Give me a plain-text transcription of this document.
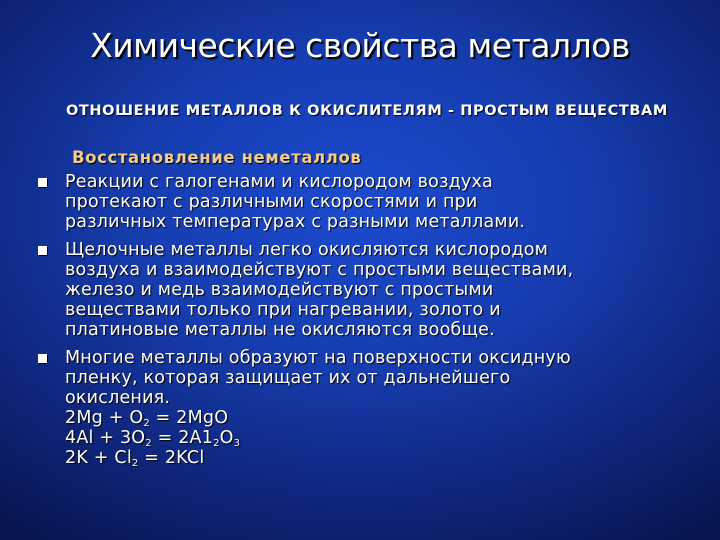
Химические свойства металлов
ОТНОШЕНИЕ МЕТАЛЛОВ К ОКИСЛИТЕЛЯМ - ПРОСТЫМ ВЕЩЕСТВАМ
Восстановление неметаллов
Реакции с галогенами и кислородом воздуха
протекают с различными скоростями и при
различных температурах с разными металлами.
Щелочные металлы легко окисляются кислородом
воздуха и взаимодействуют с простыми веществами,
железо и медь взаимодействуют с простыми
веществами только при нагревании, золото и
платиновые металлы не окисляются вообще.
Многие металлы образуют на поверхности оксидную
пленку, которая защищает их от дальнейшего
окисления.
$2Mg + O_2 = 2MgO$
$4Al + 3O_2 = 2A1_2O_3$
$2K + Cl_2 = 2KCl$
